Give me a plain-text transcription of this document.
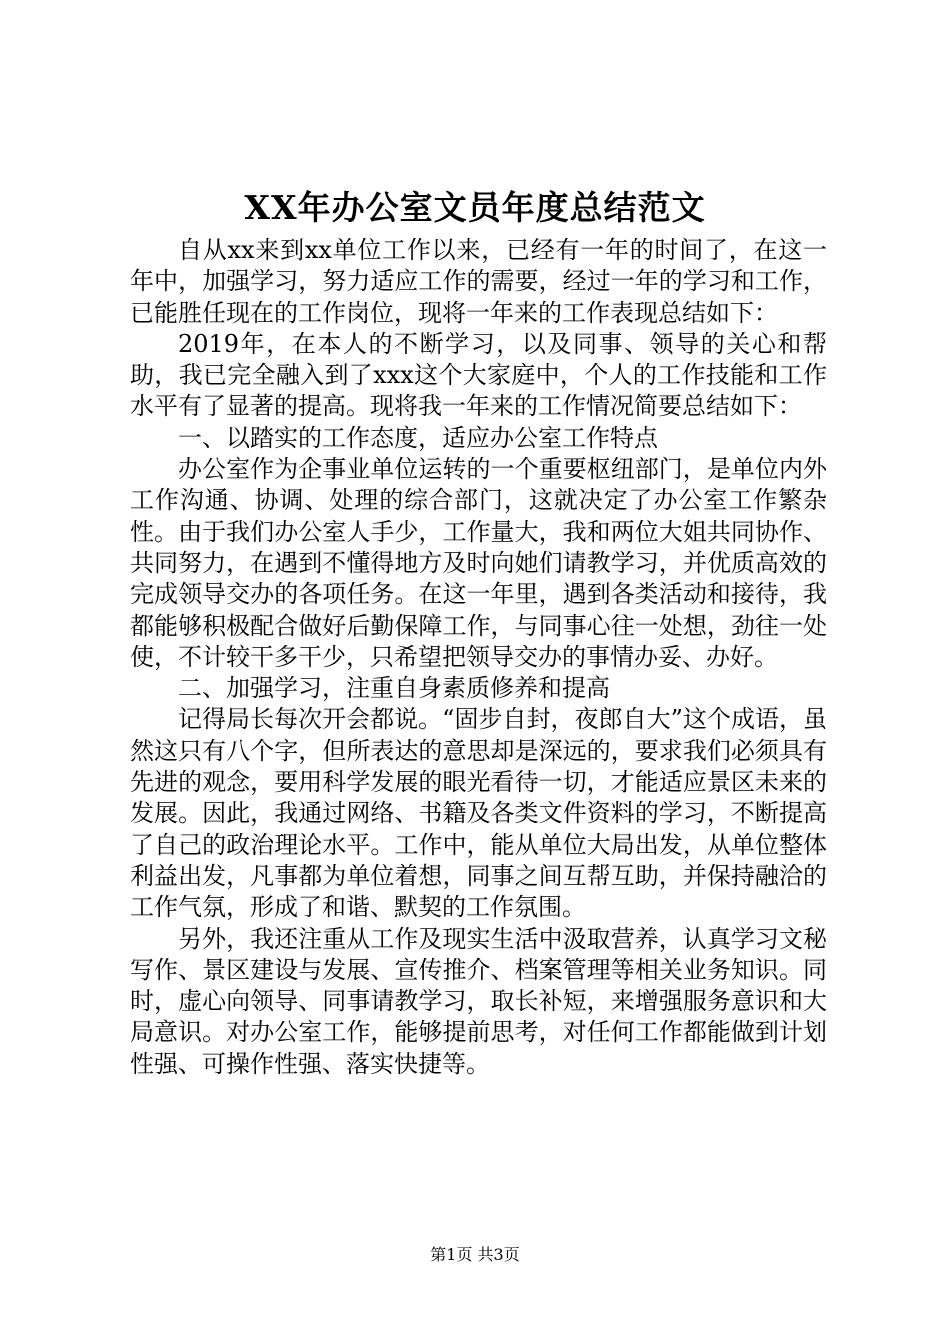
XX年办公室文员年度总结范文

自从xx来到xx单位工作以来，已经有一年的时间了，在这一年中，加强学习，努力适应工作的需要，经过一年的学习和工作，已能胜任现在的工作岗位，现将一年来的工作表现总结如下：

2019年，在本人的不断学习，以及同事、领导的关心和帮助，我已完全融入到了xxx这个大家庭中，个人的工作技能和工作水平有了显著的提高。现将我一年来的工作情况简要总结如下：

一、以踏实的工作态度，适应办公室工作特点

办公室作为企事业单位运转的一个重要枢纽部门，是单位内外工作沟通、协调、处理的综合部门，这就决定了办公室工作繁杂性。由于我们办公室人手少，工作量大，我和两位大姐共同协作、共同努力，在遇到不懂得地方及时向她们请教学习，并优质高效的完成领导交办的各项任务。在这一年里，遇到各类活动和接待，我都能够积极配合做好后勤保障工作，与同事心往一处想，劲往一处使，不计较干多干少，只希望把领导交办的事情办妥、办好。

二、加强学习，注重自身素质修养和提高

记得局长每次开会都说。“固步自封，夜郎自大”这个成语，虽然这只有八个字，但所表达的意思却是深远的，要求我们必须具有先进的观念，要用科学发展的眼光看待一切，才能适应景区未来的发展。因此，我通过网络、书籍及各类文件资料的学习，不断提高了自己的政治理论水平。工作中，能从单位大局出发，从单位整体利益出发，凡事都为单位着想，同事之间互帮互助，并保持融洽的工作气氛，形成了和谐、默契的工作氛围。

另外，我还注重从工作及现实生活中汲取营养，认真学习文秘写作、景区建设与发展、宣传推介、档案管理等相关业务知识。同时，虚心向领导、同事请教学习，取长补短，来增强服务意识和大局意识。对办公室工作，能够提前思考，对任何工作都能做到计划性强、可操作性强、落实快捷等。

第1页 共3页
